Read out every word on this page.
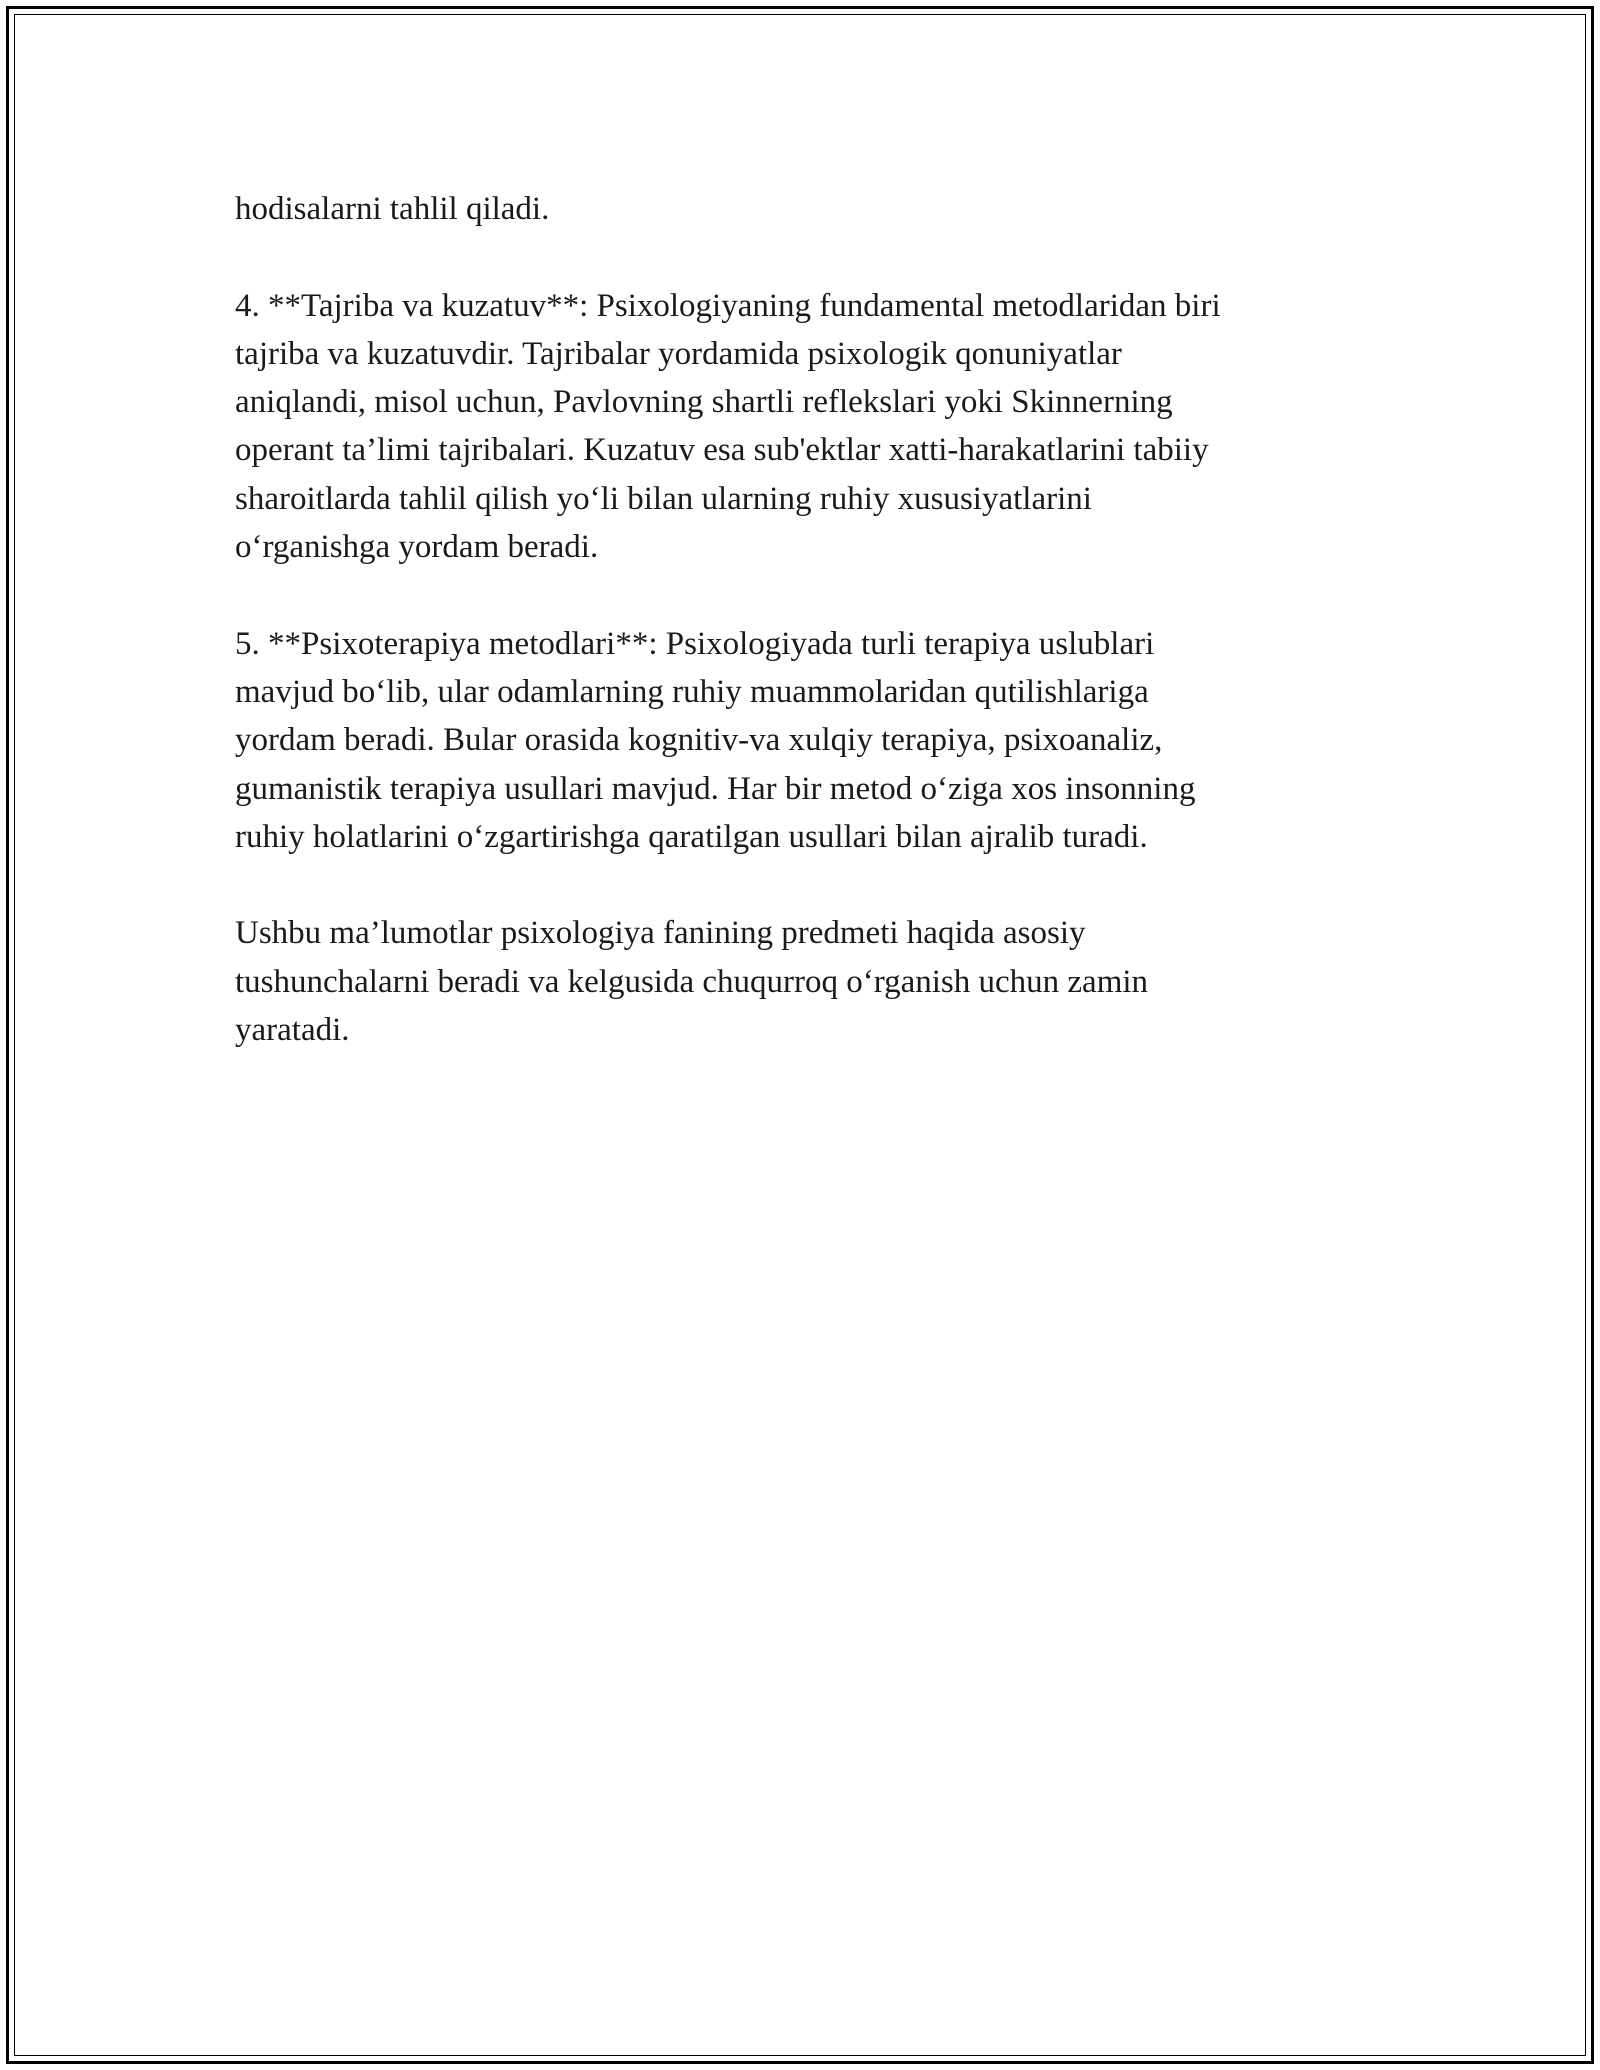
hodisalarni tahlil qiladi.

4. **Tajriba va kuzatuv**: Psixologiyaning fundamental metodlaridan biri
tajriba va kuzatuvdir. Tajribalar yordamida psixologik qonuniyatlar
aniqlandi, misol uchun, Pavlovning shartli reflekslari yoki Skinnerning
operant ta’limi tajribalari. Kuzatuv esa sub'ektlar xatti-harakatlarini tabiiy
sharoitlarda tahlil qilish yo‘li bilan ularning ruhiy xususiyatlarini
o‘rganishga yordam beradi.

5. **Psixoterapiya metodlari**: Psixologiyada turli terapiya uslublari
mavjud bo‘lib, ular odamlarning ruhiy muammolaridan qutilishlariga
yordam beradi. Bular orasida kognitiv-va xulqiy terapiya, psixoanaliz,
gumanistik terapiya usullari mavjud. Har bir metod o‘ziga xos insonning
ruhiy holatlarini o‘zgartirishga qaratilgan usullari bilan ajralib turadi.

Ushbu ma’lumotlar psixologiya fanining predmeti haqida asosiy
tushunchalarni beradi va kelgusida chuqurroq o‘rganish uchun zamin
yaratadi.
